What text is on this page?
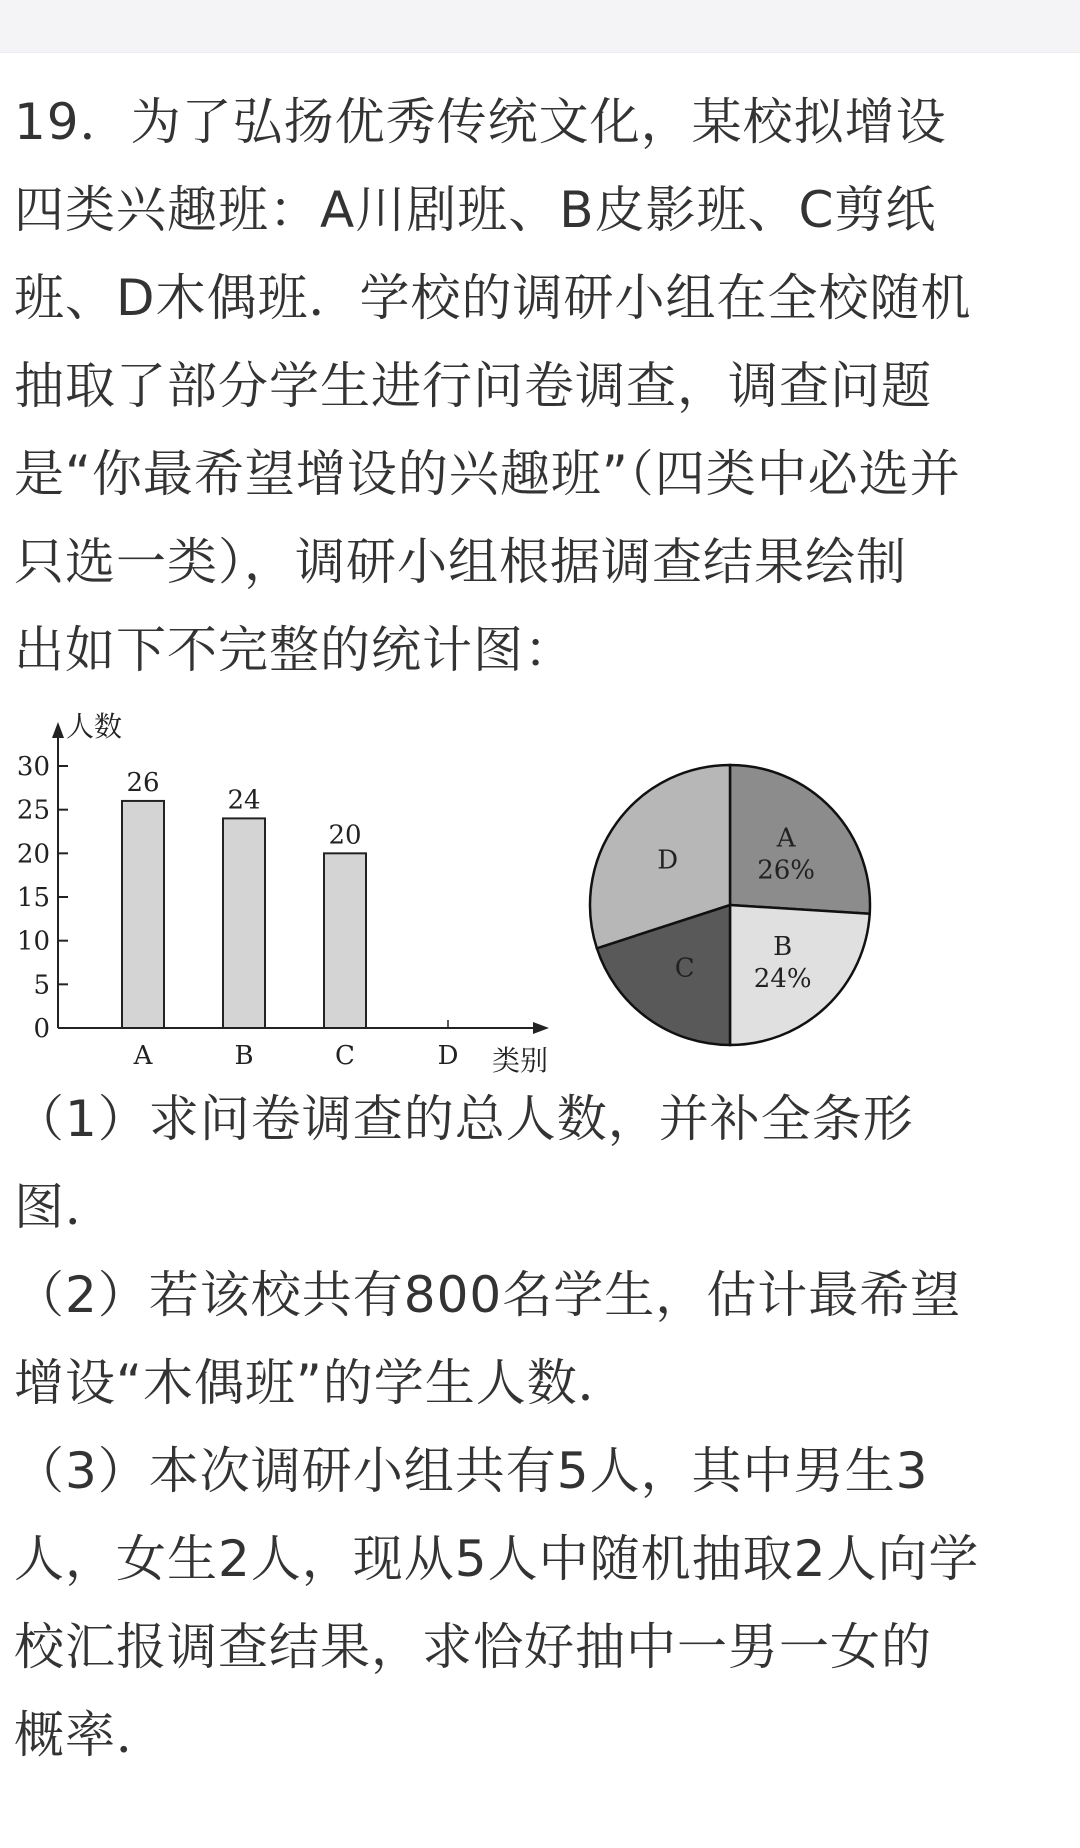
19．为了弘扬优秀传统文化，某校拟增设
四类兴趣班：A川剧班、B皮影班、C剪纸
班、D木偶班．学校的调研小组在全校随机
抽取了部分学生进行问卷调查，调查问题
是“你最希望增设的兴趣班”（四类中必选并
只选一类），调研小组根据调查结果绘制
出如下不完整的统计图：
人数
类别
0
5
10
15
20
25
30
A
26
B
24
C
20
D
A
26%
B
24%
C
D
（1）求问卷调查的总人数，并补全条形
图．
（2）若该校共有800名学生，估计最希望
增设“木偶班”的学生人数．
（3）本次调研小组共有5人，其中男生3
人，女生2人，现从5人中随机抽取2人向学
校汇报调查结果，求恰好抽中一男一女的
概率．
